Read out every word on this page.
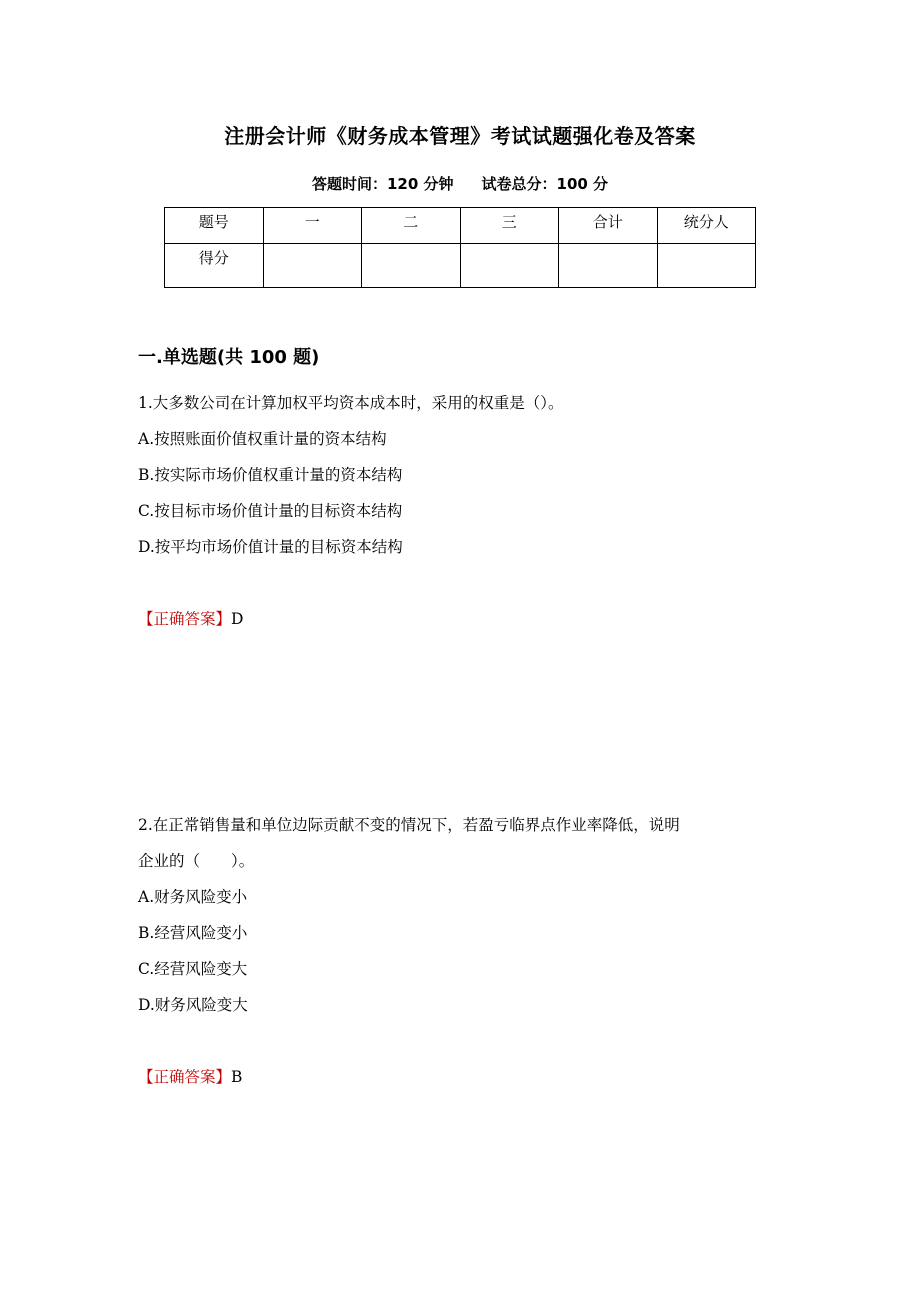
注册会计师《财务成本管理》考试试题强化卷及答案
答题时间：120 分钟 试卷总分：100 分
题号	一	二	三	合计	统分人
得分					
一.单选题(共 100 题)
1.大多数公司在计算加权平均资本成本时，采用的权重是（）。
A.按照账面价值权重计量的资本结构
B.按实际市场价值权重计量的资本结构
C.按目标市场价值计量的目标资本结构
D.按平均市场价值计量的目标资本结构
【正确答案】D
2.在正常销售量和单位边际贡献不变的情况下，若盈亏临界点作业率降低，说明
企业的（　　）。
A.财务风险变小
B.经营风险变小
C.经营风险变大
D.财务风险变大
【正确答案】B
